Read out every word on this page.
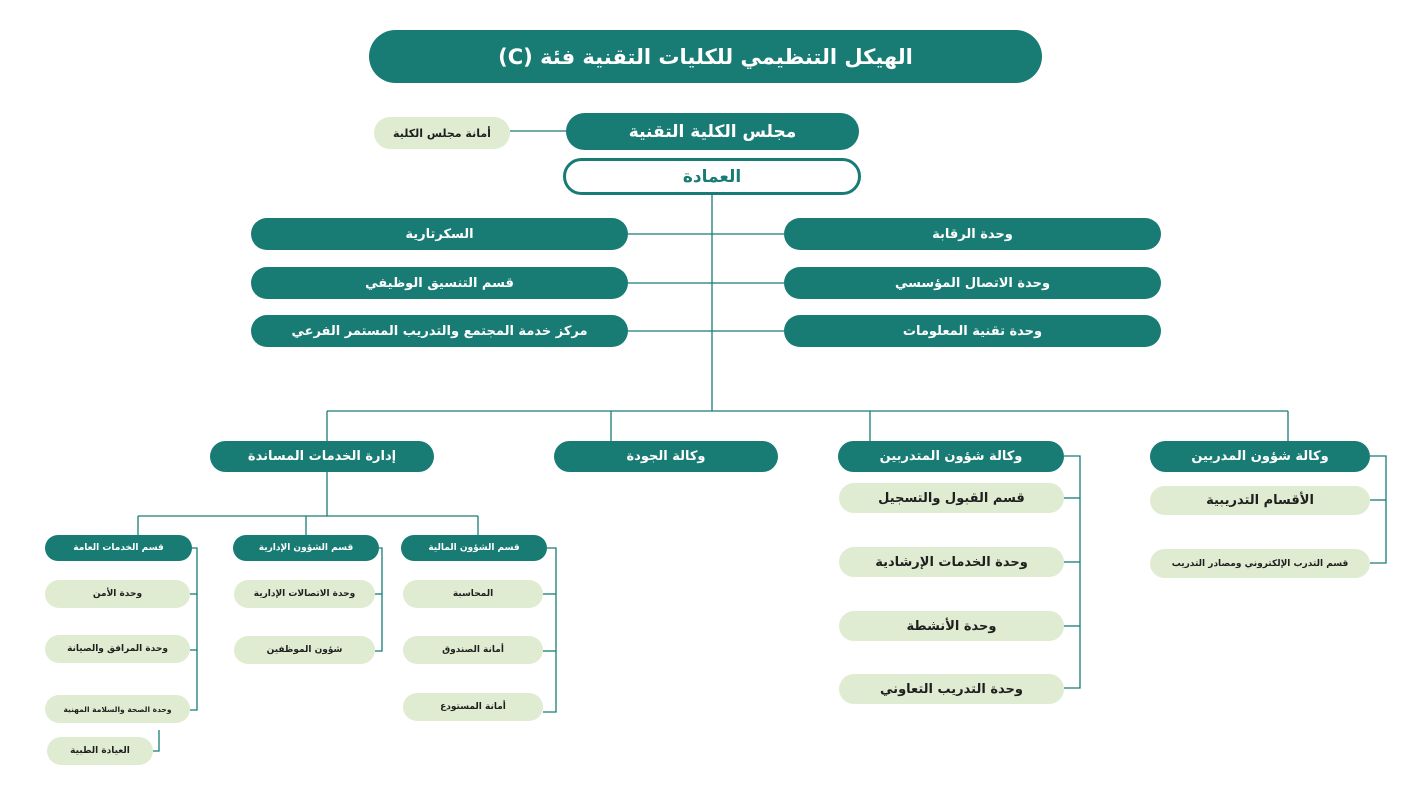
الهيكل التنظيمي للكليات التقنية فئة (C)
مجلس الكلية التقنية
أمانة مجلس الكلية
العمادة
السكرتارية
قسم التنسيق الوظيفي
مركز خدمة المجتمع والتدريب المستمر الفرعي
وحدة الرقابة
وحدة الاتصال المؤسسي
وحدة تقنية المعلومات
وكالة شؤون المدربين
وكالة شؤون المتدربين
وكالة الجودة
إدارة الخدمات المساندة
الأقسام التدريبية
قسم التدرب الإلكتروني ومصادر التدريب
قسم القبول والتسجيل
وحدة الخدمات الإرشادية
وحدة الأنشطة
وحدة التدريب التعاوني
قسم الشؤون المالية
قسم الشؤون الإدارية
قسم الخدمات العامة
المحاسبة
أمانة الصندوق
أمانة المستودع
وحدة الاتصالات الإدارية
شؤون الموظفين
وحدة الأمن
وحدة المرافق والصيانة
وحدة الصحة والسلامة المهنية
العيادة الطبية
